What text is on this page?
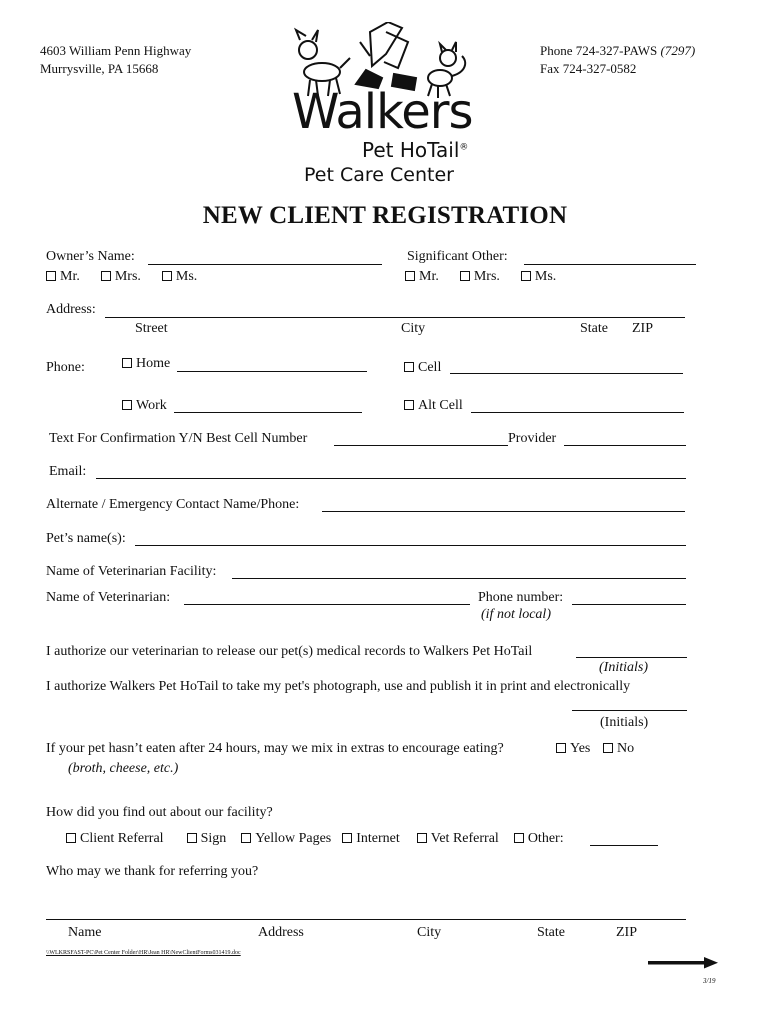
4603 William Penn Highway
Murrysville, PA 15668
Phone 724-327-PAWS (7297)
Fax 724-327-0582
Walkers
Pet HoTail®
Pet Care Center
NEW CLIENT REGISTRATION
Owner’s Name:
Mr.	Mrs.	Ms.
Significant Other:
Mr.	Mrs.	Ms.
Address:
Street	City	State ZIP
Phone:	Home	Cell
Work	Alt Cell
Text For Confirmation Y/N Best Cell Number	Provider
Email:
Alternate / Emergency Contact Name/Phone:
Pet’s name(s):
Name of Veterinarian Facility:
Name of Veterinarian:	Phone number:
(if not local)
I authorize our veterinarian to release our pet(s) medical records to Walkers Pet HoTail
(Initials)
I authorize Walkers Pet HoTail to take my pet's photograph, use and publish it in print and electronically
(Initials)
If your pet hasn’t eaten after 24 hours, may we mix in extras to encourage eating?	Yes	No
(broth, cheese, etc.)
How did you find out about our facility?
Client Referral	Sign Yellow Pages Internet Vet Referral Other:
Who may we thank for referring you?
Name	Address	City	State	ZIP
\\WLKRSFAST-PC\Pet Center Folder\HR\Jean HR\NewClientForms031419.doc
3/19
